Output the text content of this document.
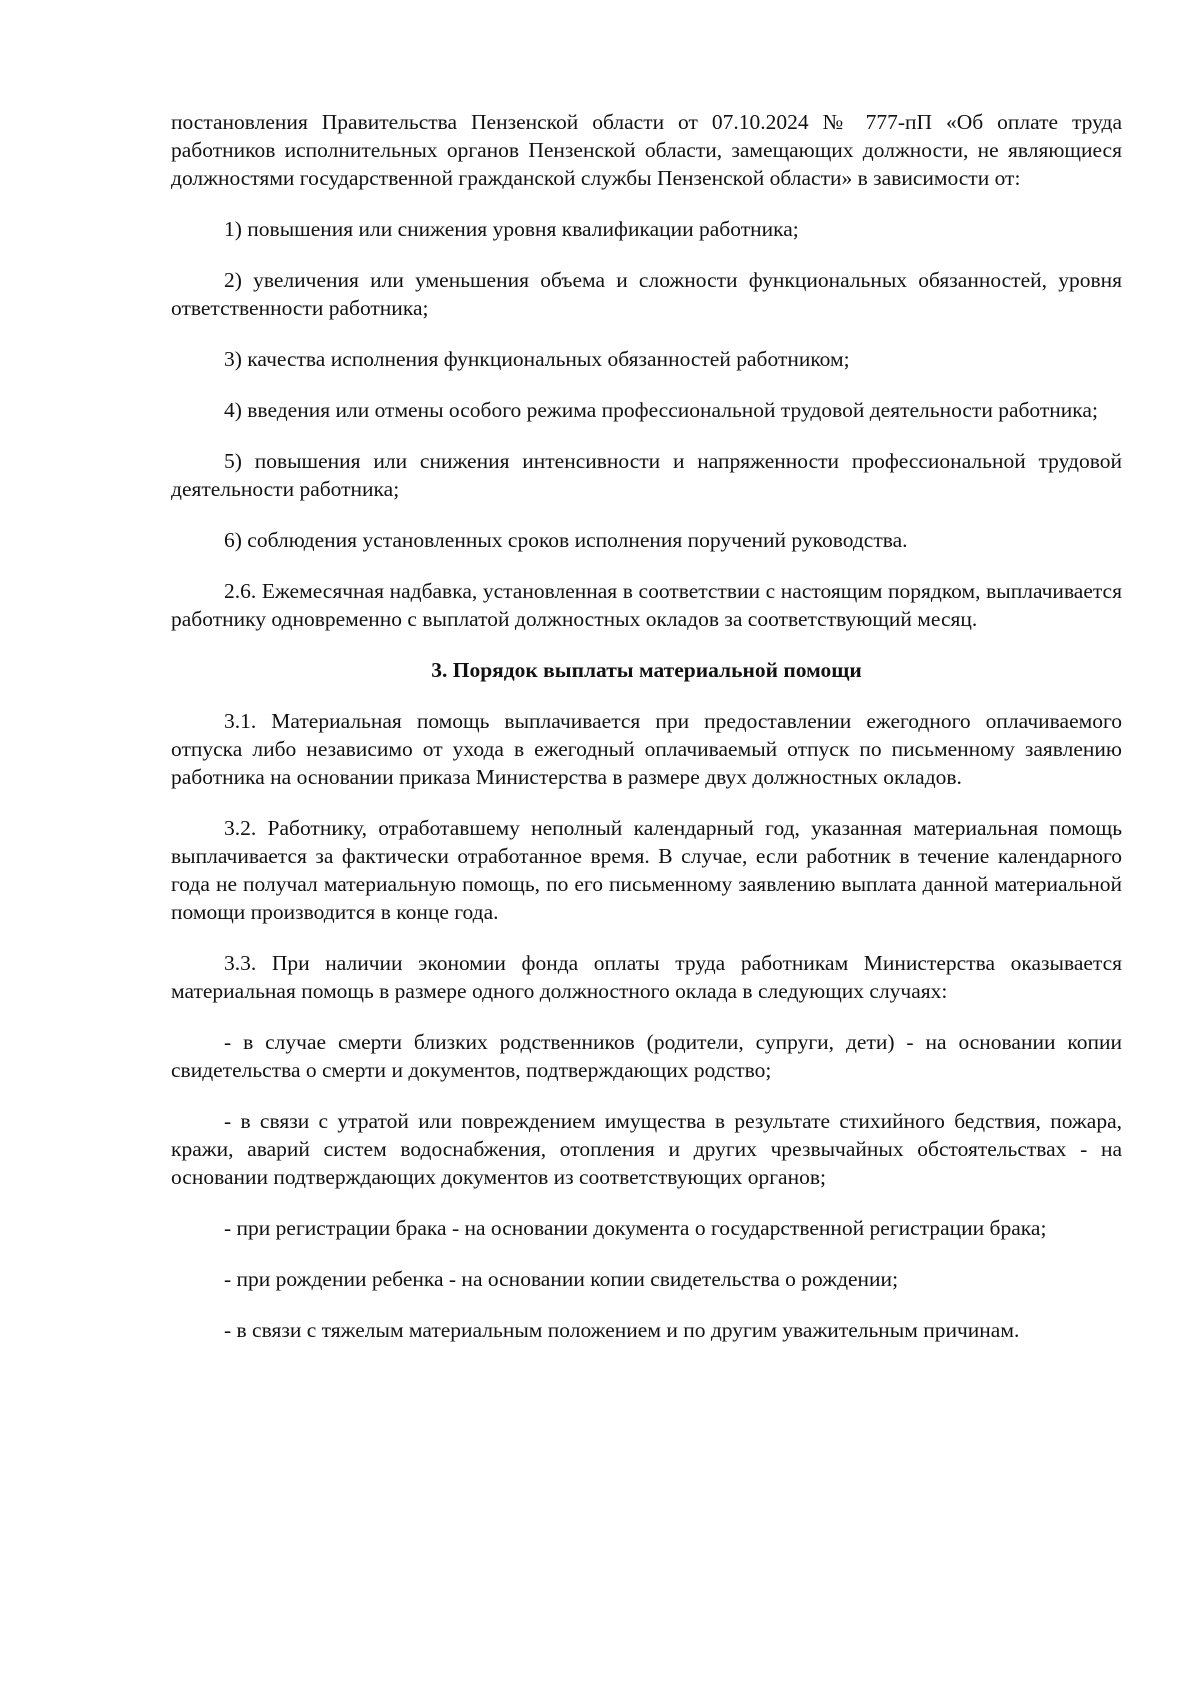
постановления Правительства Пензенской области от 07.10.2024 № 777-пП «Об оплате труда работников исполнительных органов Пензенской области, замещающих должности, не являющиеся должностями государственной гражданской службы Пензенской области» в зависимости от:

1) повышения или снижения уровня квалификации работника;

2) увеличения или уменьшения объема и сложности функциональных обязанностей, уровня ответственности работника;

3) качества исполнения функциональных обязанностей работником;

4) введения или отмены особого режима профессиональной трудовой деятельности работника;

5) повышения или снижения интенсивности и напряженности профессиональной трудовой деятельности работника;

6) соблюдения установленных сроков исполнения поручений руководства.

2.6. Ежемесячная надбавка, установленная в соответствии с настоящим порядком, выплачивается работнику одновременно с выплатой должностных окладов за соответствующий месяц.

3. Порядок выплаты материальной помощи

3.1. Материальная помощь выплачивается при предоставлении ежегодного оплачиваемого отпуска либо независимо от ухода в ежегодный оплачиваемый отпуск по письменному заявлению работника на основании приказа Министерства в размере двух должностных окладов.

3.2. Работнику, отработавшему неполный календарный год, указанная материальная помощь выплачивается за фактически отработанное время. В случае, если работник в течение календарного года не получал материальную помощь, по его письменному заявлению выплата данной материальной помощи производится в конце года.

3.3. При наличии экономии фонда оплаты труда работникам Министерства оказывается материальная помощь в размере одного должностного оклада в следующих случаях:

- в случае смерти близких родственников (родители, супруги, дети) - на основании копии свидетельства о смерти и документов, подтверждающих родство;

- в связи с утратой или повреждением имущества в результате стихийного бедствия, пожара, кражи, аварий систем водоснабжения, отопления и других чрезвычайных обстоятельствах - на основании подтверждающих документов из соответствующих органов;

- при регистрации брака - на основании документа о государственной регистрации брака;

- при рождении ребенка - на основании копии свидетельства о рождении;

- в связи с тяжелым материальным положением и по другим уважительным причинам.
